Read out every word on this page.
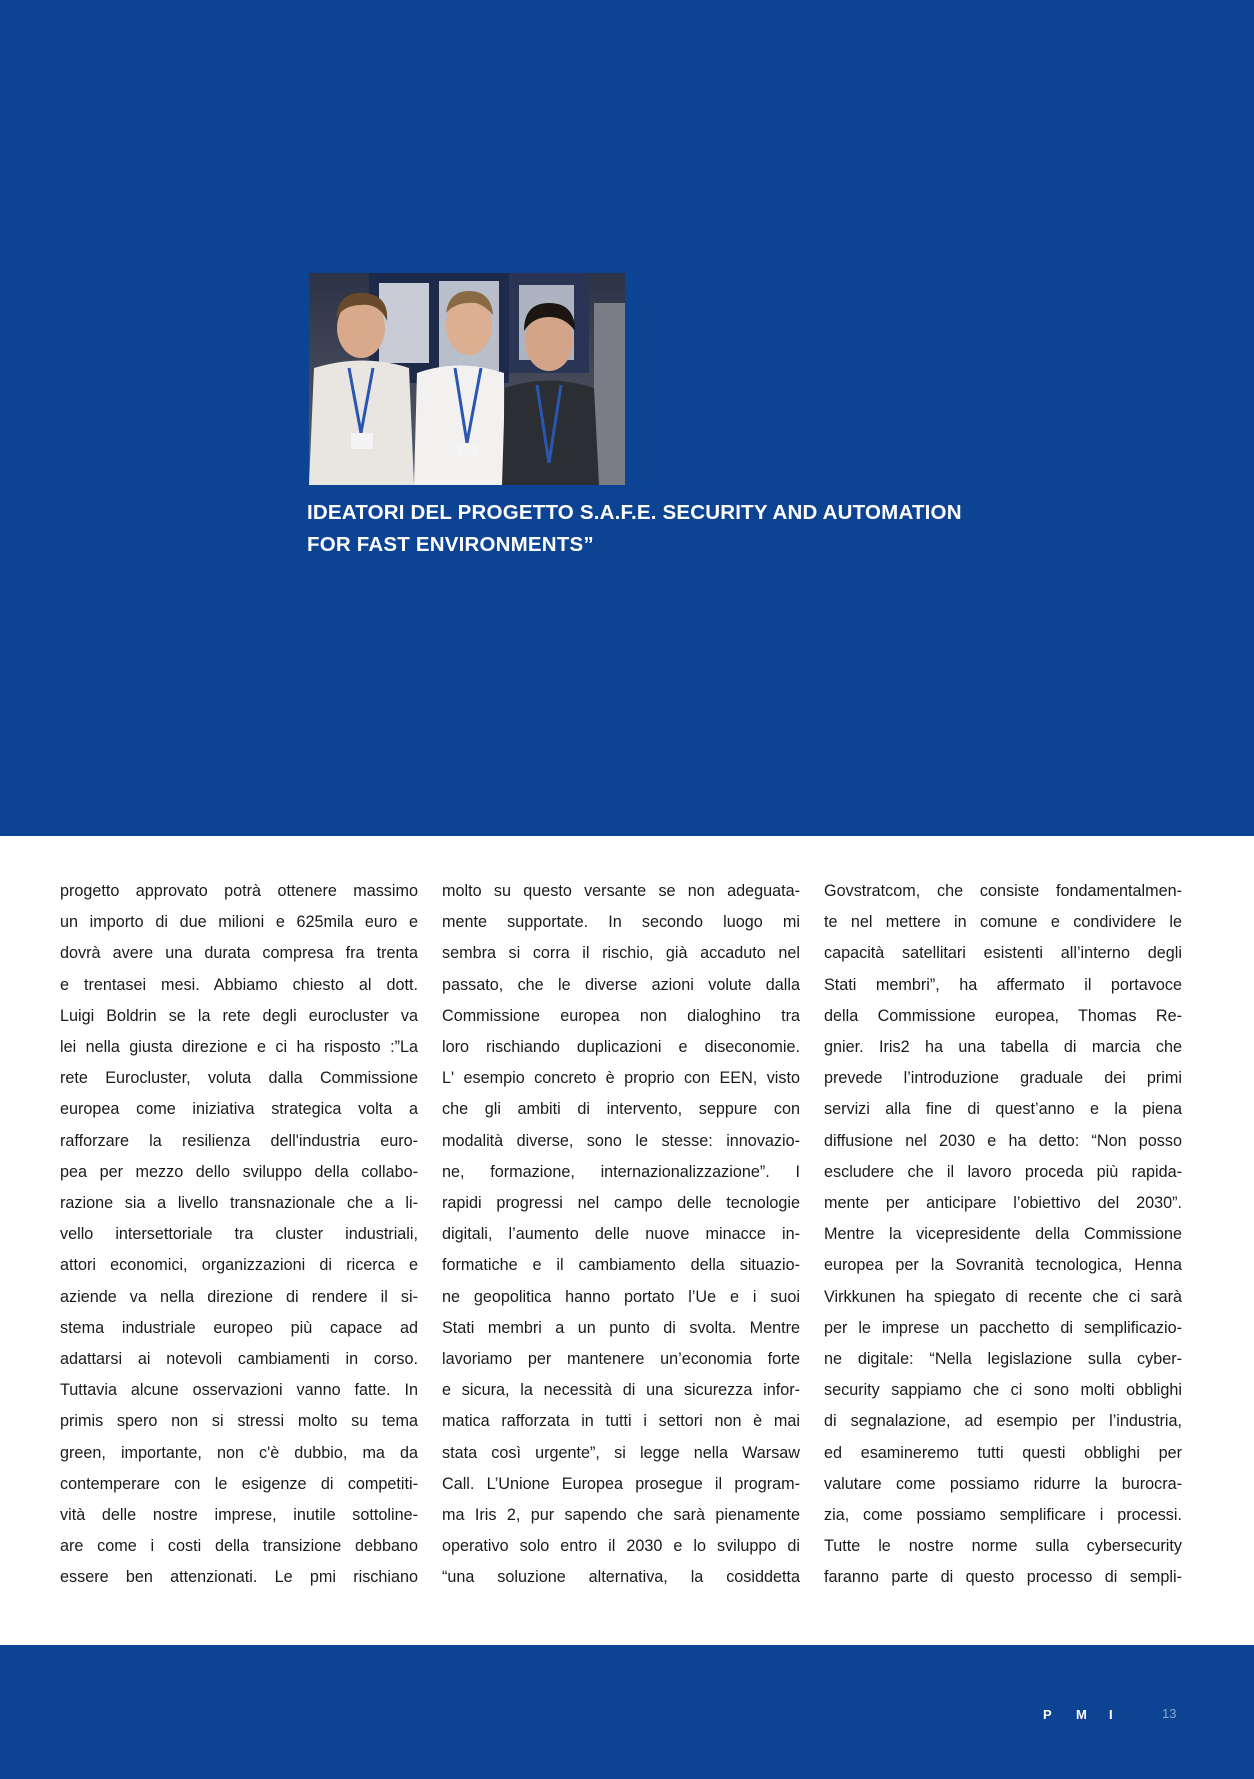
IDEATORI DEL PROGETTO S.A.F.E. SECURITY AND AUTOMATION
FOR FAST ENVIRONMENTS”

progetto approvato potrà ottenere massimo

un importo di due milioni e 625mila euro e

dovrà avere una durata compresa fra trenta

e trentasei mesi. Abbiamo chiesto al dott.

Luigi Boldrin se la rete degli eurocluster va

lei nella giusta direzione e ci ha risposto :”La

rete Eurocluster, voluta dalla Commissione

europea come iniziativa strategica volta a

rafforzare la resilienza dell'industria euro-

pea per mezzo dello sviluppo della collabo-

razione sia a livello transnazionale che a li-

vello intersettoriale tra cluster industriali,

attori economici, organizzazioni di ricerca e

aziende va nella direzione di rendere il si-

stema industriale europeo più capace ad

adattarsi ai notevoli cambiamenti in corso.

Tuttavia alcune osservazioni vanno fatte. In

primis spero non si stressi molto su tema

green, importante, non c'è dubbio, ma da

contemperare con le esigenze di competiti-

vità delle nostre imprese, inutile sottoline-

are come i costi della transizione debbano

essere ben attenzionati. Le pmi rischiano

molto su questo versante se non adeguata-

mente supportate. In secondo luogo mi

sembra si corra il rischio, già accaduto nel

passato, che le diverse azioni volute dalla

Commissione europea non dialoghino tra

loro rischiando duplicazioni e diseconomie.

L' esempio concreto è proprio con EEN, visto

che gli ambiti di intervento, seppure con

modalità diverse, sono le stesse: innovazio-

ne, formazione, internazionalizzazione”. I

rapidi progressi nel campo delle tecnologie

digitali, l’aumento delle nuove minacce in-

formatiche e il cambiamento della situazio-

ne geopolitica hanno portato l’Ue e i suoi

Stati membri a un punto di svolta. Mentre

lavoriamo per mantenere un’economia forte

e sicura, la necessità di una sicurezza infor-

matica rafforzata in tutti i settori non è mai

stata così urgente”, si legge nella Warsaw

Call. L’Unione Europea prosegue il program-

ma Iris 2, pur sapendo che sarà pienamente

operativo solo entro il 2030 e lo sviluppo di

“una soluzione alternativa, la cosiddetta

Govstratcom, che consiste fondamentalmen-

te nel mettere in comune e condividere le

capacità satellitari esistenti all’interno degli

Stati membri”, ha affermato il portavoce

della Commissione europea, Thomas Re-

gnier. Iris2 ha una tabella di marcia che

prevede l’introduzione graduale dei primi

servizi alla fine di quest’anno e la piena

diffusione nel 2030 e ha detto: “Non posso

escludere che il lavoro proceda più rapida-

mente per anticipare l’obiettivo del 2030”.

Mentre la vicepresidente della Commissione

europea per la Sovranità tecnologica, Henna

Virkkunen ha spiegato di recente che ci sarà

per le imprese un pacchetto di semplificazio-

ne digitale: “Nella legislazione sulla cyber-

security sappiamo che ci sono molti obblighi

di segnalazione, ad esempio per l’industria,

ed esamineremo tutti questi obblighi per

valutare come possiamo ridurre la burocra-

zia, come possiamo semplificare i processi.

Tutte le nostre norme sulla cybersecurity

faranno parte di questo processo di sempli-

P	M	I	13
